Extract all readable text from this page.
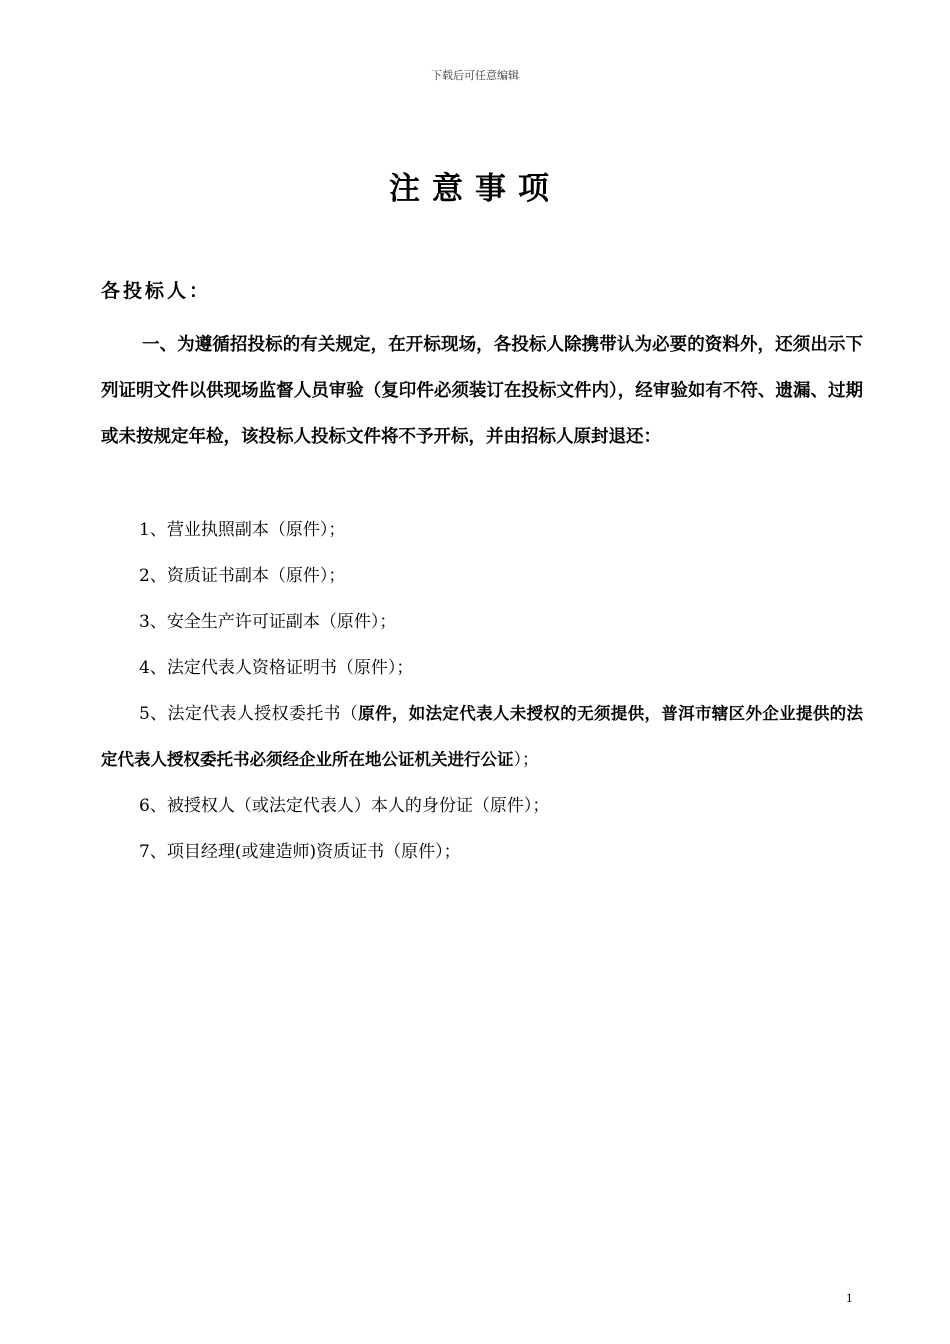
下载后可任意编辑
注意事项
各投标人：

一、为遵循招投标的有关规定，在开标现场，各投标人除携带认为必要的资料外，还须出示下列证明文件以供现场监督人员审验（复印件必须装订在投标文件内），经审验如有不符、遗漏、过期或未按规定年检，该投标人投标文件将不予开标，并由招标人原封退还：

1、营业执照副本（原件）；
2、资质证书副本（原件）；
3、安全生产许可证副本（原件）；
4、法定代表人资格证明书（原件）；
5、法定代表人授权委托书（原件，如法定代表人未授权的无须提供，普洱市辖区外企业提供的法定代表人授权委托书必须经企业所在地公证机关进行公证）；
6、被授权人（或法定代表人）本人的身份证（原件）；
7、项目经理(或建造师)资质证书（原件）；
1
